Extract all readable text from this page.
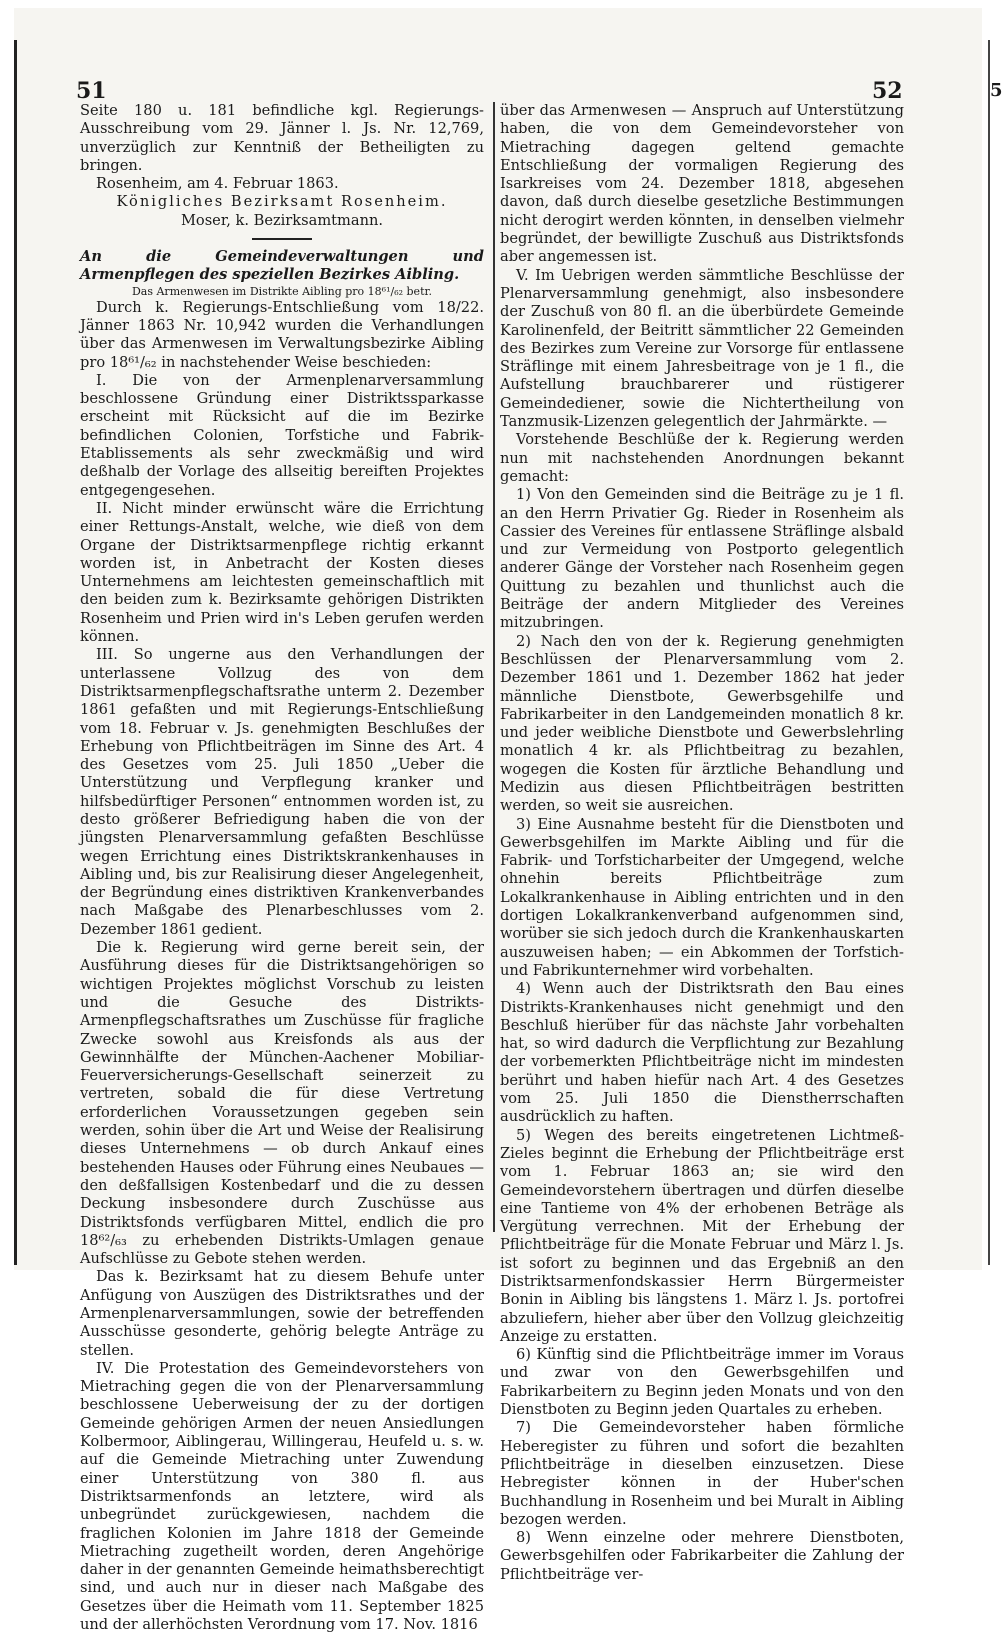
51	52	5

Seite 180 u. 181 befindliche kgl. Regierungs-Ausschreibung vom 29. Jänner l. Js. Nr. 12,769, unverzüglich zur Kenntniß der Betheiligten zu bringen.

Rosenheim, am 4. Februar 1863.

Königliches Bezirksamt Rosenheim.

Moser, k. Bezirksamtmann.

An die Gemeindeverwaltungen und Armenpflegen des speziellen Bezirkes Aibling.

Das Armenwesen im Distrikte Aibling pro 18⁶¹/₆₂ betr.

Durch k. Regierungs-Entschließung vom 18/22. Jänner 1863 Nr. 10,942 wurden die Verhandlungen über das Armenwesen im Verwaltungsbezirke Aibling pro 18⁶¹/₆₂ in nachstehender Weise beschieden:

I. Die von der Armenplenarversammlung beschlossene Gründung einer Distriktssparkasse erscheint mit Rücksicht auf die im Bezirke befindlichen Colonien, Torfstiche und Fabrik-Etablissements als sehr zweckmäßig und wird deßhalb der Vorlage des allseitig bereiften Projektes entgegengesehen.

II. Nicht minder erwünscht wäre die Errichtung einer Rettungs-Anstalt, welche, wie dieß von dem Organe der Distriktsarmenpflege richtig erkannt worden ist, in Anbetracht der Kosten dieses Unternehmens am leichtesten gemeinschaftlich mit den beiden zum k. Bezirksamte gehörigen Distrikten Rosenheim und Prien wird in's Leben gerufen werden können.

III. So ungerne aus den Verhandlungen der unterlassene Vollzug des von dem Distriktsarmenpflegschaftsrathe unterm 2. Dezember 1861 gefaßten und mit Regierungs-Entschließung vom 18. Februar v. Js. genehmigten Beschlußes der Erhebung von Pflichtbeiträgen im Sinne des Art. 4 des Gesetzes vom 25. Juli 1850 „Ueber die Unterstützung und Verpflegung kranker und hilfsbedürftiger Personen“ entnommen worden ist, zu desto größerer Befriedigung haben die von der jüngsten Plenarversammlung gefaßten Beschlüsse wegen Errichtung eines Distriktskrankenhauses in Aibling und, bis zur Realisirung dieser Angelegenheit, der Begründung eines distriktiven Krankenverbandes nach Maßgabe des Plenarbeschlusses vom 2. Dezember 1861 gedient.

Die k. Regierung wird gerne bereit sein, der Ausführung dieses für die Distriktsangehörigen so wichtigen Projektes möglichst Vorschub zu leisten und die Gesuche des Distrikts-Armenpflegschaftsrathes um Zuschüsse für fragliche Zwecke sowohl aus Kreisfonds als aus der Gewinnhälfte der München-Aachener Mobiliar-Feuerversicherungs-Gesellschaft seinerzeit zu vertreten, sobald die für diese Vertretung erforderlichen Voraussetzungen gegeben sein werden, sohin über die Art und Weise der Realisirung dieses Unternehmens — ob durch Ankauf eines bestehenden Hauses oder Führung eines Neubaues — den deßfallsigen Kostenbedarf und die zu dessen Deckung insbesondere durch Zuschüsse aus Distriktsfonds verfügbaren Mittel, endlich die pro 18⁶²/₆₃ zu erhebenden Distrikts-Umlagen genaue Aufschlüsse zu Gebote stehen werden.

Das k. Bezirksamt hat zu diesem Behufe unter Anfügung von Auszügen des Distriktsrathes und der Armenplenarversammlungen, sowie der betreffenden Ausschüsse gesonderte, gehörig belegte Anträge zu stellen.

IV. Die Protestation des Gemeindevorstehers von Mietraching gegen die von der Plenarversammlung beschlossene Ueberweisung der zu der dortigen Gemeinde gehörigen Armen der neuen Ansiedlungen Kolbermoor, Aiblingerau, Willingerau, Heufeld u. s. w. auf die Gemeinde Mietraching unter Zuwendung einer Unterstützung von 380 fl. aus Distriktsarmenfonds an letztere, wird als unbegründet zurückgewiesen, nachdem die fraglichen Kolonien im Jahre 1818 der Gemeinde Mietraching zugetheilt worden, deren Angehörige daher in der genannten Gemeinde heimathsberechtigt sind, und auch nur in dieser nach Maßgabe des Gesetzes über die Heimath vom 11. September 1825 und der allerhöchsten Verordnung vom 17. Nov. 1816

über das Armenwesen — Anspruch auf Unterstützung haben, die von dem Gemeindevorsteher von Mietraching dagegen geltend gemachte Entschließung der vormaligen Regierung des Isarkreises vom 24. Dezember 1818, abgesehen davon, daß durch dieselbe gesetzliche Bestimmungen nicht derogirt werden könnten, in denselben vielmehr begründet, der bewilligte Zuschuß aus Distriktsfonds aber angemessen ist.

V. Im Uebrigen werden sämmtliche Beschlüsse der Plenarversammlung genehmigt, also insbesondere der Zuschuß von 80 fl. an die überbürdete Gemeinde Karolinenfeld, der Beitritt sämmtlicher 22 Gemeinden des Bezirkes zum Vereine zur Vorsorge für entlassene Sträflinge mit einem Jahresbeitrage von je 1 fl., die Aufstellung brauchbarerer und rüstigerer Gemeindediener, sowie die Nichtertheilung von Tanzmusik-Lizenzen gelegentlich der Jahrmärkte. —

Vorstehende Beschlüße der k. Regierung werden nun mit nachstehenden Anordnungen bekannt gemacht:

1) Von den Gemeinden sind die Beiträge zu je 1 fl. an den Herrn Privatier Gg. Rieder in Rosenheim als Cassier des Vereines für entlassene Sträflinge alsbald und zur Vermeidung von Postporto gelegentlich anderer Gänge der Vorsteher nach Rosenheim gegen Quittung zu bezahlen und thunlichst auch die Beiträge der andern Mitglieder des Vereines mitzubringen.

2) Nach den von der k. Regierung genehmigten Beschlüssen der Plenarversammlung vom 2. Dezember 1861 und 1. Dezember 1862 hat jeder männliche Dienstbote, Gewerbsgehilfe und Fabrikarbeiter in den Landgemeinden monatlich 8 kr. und jeder weibliche Dienstbote und Gewerbslehrling monatlich 4 kr. als Pflichtbeitrag zu bezahlen, wogegen die Kosten für ärztliche Behandlung und Medizin aus diesen Pflichtbeiträgen bestritten werden, so weit sie ausreichen.

3) Eine Ausnahme besteht für die Dienstboten und Gewerbsgehilfen im Markte Aibling und für die Fabrik- und Torfsticharbeiter der Umgegend, welche ohnehin bereits Pflichtbeiträge zum Lokalkrankenhause in Aibling entrichten und in den dortigen Lokalkrankenverband aufgenommen sind, worüber sie sich jedoch durch die Krankenhauskarten auszuweisen haben; — ein Abkommen der Torfstich- und Fabrikunternehmer wird vorbehalten.

4) Wenn auch der Distriktsrath den Bau eines Distrikts-Krankenhauses nicht genehmigt und den Beschluß hierüber für das nächste Jahr vorbehalten hat, so wird dadurch die Verpflichtung zur Bezahlung der vorbemerkten Pflichtbeiträge nicht im mindesten berührt und haben hiefür nach Art. 4 des Gesetzes vom 25. Juli 1850 die Dienstherrschaften ausdrücklich zu haften.

5) Wegen des bereits eingetretenen Lichtmeß-Zieles beginnt die Erhebung der Pflichtbeiträge erst vom 1. Februar 1863 an; sie wird den Gemeindevorstehern übertragen und dürfen dieselbe eine Tantieme von 4% der erhobenen Beträge als Vergütung verrechnen. Mit der Erhebung der Pflichtbeiträge für die Monate Februar und März l. Js. ist sofort zu beginnen und das Ergebniß an den Distriktsarmenfondskassier Herrn Bürgermeister Bonin in Aibling bis längstens 1. März l. Js. portofrei abzuliefern, hieher aber über den Vollzug gleichzeitig Anzeige zu erstatten.

6) Künftig sind die Pflichtbeiträge immer im Voraus und zwar von den Gewerbsgehilfen und Fabrikarbeitern zu Beginn jeden Monats und von den Dienstboten zu Beginn jeden Quartales zu erheben.

7) Die Gemeindevorsteher haben förmliche Heberegister zu führen und sofort die bezahlten Pflichtbeiträge in dieselben einzusetzen. Diese Hebregister können in der Huber'schen Buchhandlung in Rosenheim und bei Muralt in Aibling bezogen werden.

8) Wenn einzelne oder mehrere Dienstboten, Gewerbsgehilfen oder Fabrikarbeiter die Zahlung der Pflichtbeiträge ver-
